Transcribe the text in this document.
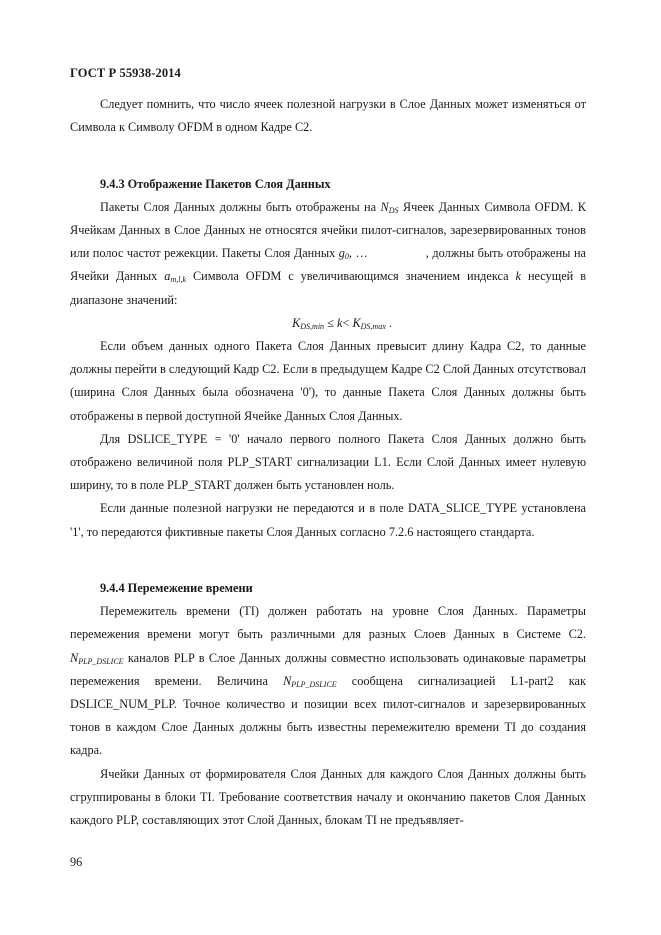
ГОСТ Р 55938-2014

Следует помнить, что число ячеек полезной нагрузки в Слое Данных может изменяться от Символа к Символу OFDM в одном Кадре С2.

9.4.3 Отображение Пакетов Слоя Данных

Пакеты Слоя Данных должны быть отображены на $N_{DS}$ Ячеек Данных Символа OFDM. К Ячейкам Данных в Слое Данных не относятся ячейки пилот-сигналов, зарезервированных тонов или полос частот режекции. Пакеты Слоя Данных $g_0$, …	, должны быть отображены на Ячейки Данных $a_{m,l,k}$ Символа OFDM с увеличивающимся значением индекса k несущей в диапазоне значений:

$K_{DS,min} \le k< K_{DS,max}$ .

Если объем данных одного Пакета Слоя Данных превысит длину Кадра С2, то данные должны перейти в следующий Кадр С2. Если в предыдущем Кадре С2 Слой Данных отсутствовал (ширина Слоя Данных была обозначена '0'), то данные Пакета Слоя Данных должны быть отображены в первой доступной Ячейке Данных Слоя Данных.

Для DSLICE_TYPE = '0' начало первого полного Пакета Слоя Данных должно быть отображено величиной поля PLP_START сигнализации L1. Если Слой Данных имеет нулевую ширину, то в поле PLP_START должен быть установлен ноль.

Если данные полезной нагрузки не передаются и в поле DATA_SLICE_TYPE установлена '1', то передаются фиктивные пакеты Слоя Данных согласно 7.2.6 настоящего стандарта.

9.4.4 Перемежение времени

Перемежитель времени (TI) должен работать на уровне Слоя Данных. Параметры перемежения времени могут быть различными для разных Слоев Данных в Системе С2. $N_{PLP\_DSLICE}$ каналов PLP в Слое Данных должны совместно использовать одинаковые параметры перемежения времени. Величина $N_{PLP\_DSLICE}$ сообщена сигнализацией L1-part2 как DSLICE_NUM_PLP. Точное количество и позиции всех пилот-сигналов и зарезервированных тонов в каждом Слое Данных должны быть известны перемежителю времени TI до создания кадра.

Ячейки Данных от формирователя Слоя Данных для каждого Слоя Данных должны быть сгруппированы в блоки TI. Требование соответствия началу и окончанию пакетов Слоя Данных каждого PLP, составляющих этот Слой Данных, блокам TI не предъявляет-

96
